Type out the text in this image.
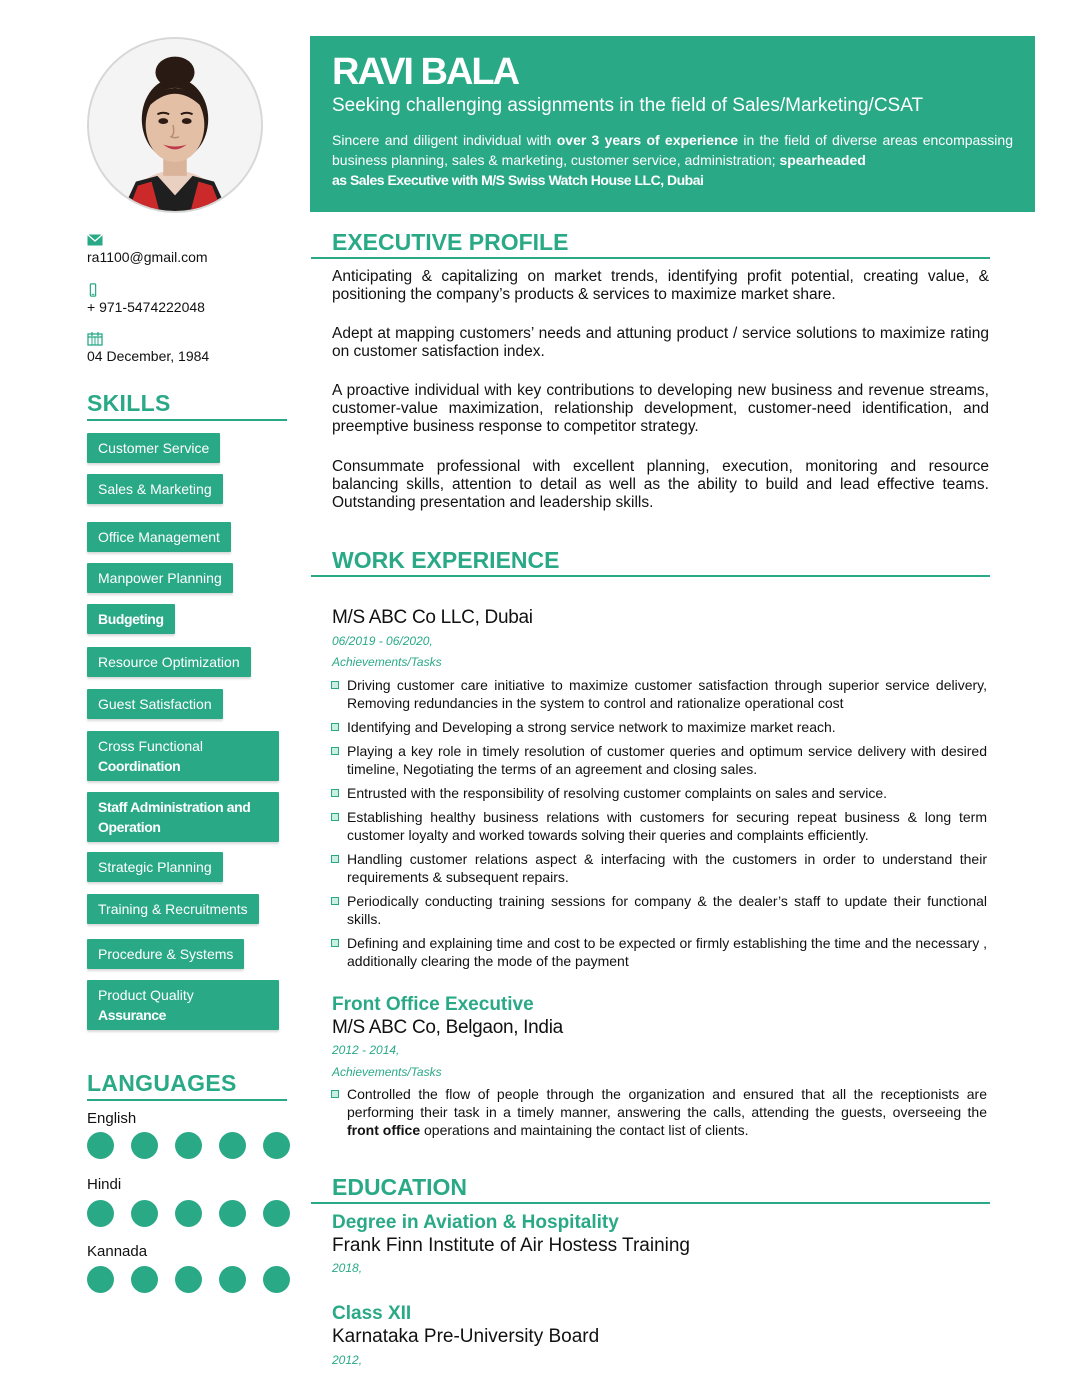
ra1100@gmail.com
+ 971-5474222048
04 December, 1984
SKILLS
Customer Service
Sales & Marketing
Office Management
Manpower Planning
Budgeting
Resource Optimization
Guest Satisfaction
Cross Functional
Coordination
Staff Administration and
Operation
Strategic Planning
Training & Recruitments
Procedure & Systems
Product Quality
Assurance
LANGUAGES
English
Hindi
Kannada
RAVI BALA
Seeking challenging assignments in the field of Sales/Marketing/CSAT
Sincere and diligent individual with over 3 years of experience in the field of diverse areas encompassing business planning, sales & marketing, customer service, administration; spearheaded
as Sales Executive with M/S Swiss Watch House LLC, Dubai
EXECUTIVE PROFILE

Anticipating & capitalizing on market trends, identifying profit potential, creating value, & positioning the company’s products & services to maximize market share.

Adept at mapping customers’ needs and attuning product / service solutions to maximize rating on customer satisfaction index.

A proactive individual with key contributions to developing new business and revenue streams, customer-value maximization, relationship development, customer-need identification, and preemptive business response to competitor strategy.

Consummate professional with excellent planning, execution, monitoring and resource balancing skills, attention to detail as well as the ability to build and lead effective teams. Outstanding presentation and leadership skills.

WORK EXPERIENCE
M/S ABC Co LLC, Dubai
06/2019 - 06/2020,
Achievements/Tasks
Driving customer care initiative to maximize customer satisfaction through superior service delivery, Removing redundancies in the system to control and rationalize operational cost
Identifying and Developing a strong service network to maximize market reach.
Playing a key role in timely resolution of customer queries and optimum service delivery with desired timeline, Negotiating the terms of an agreement and closing sales.
Entrusted with the responsibility of resolving customer complaints on sales and service.
Establishing healthy business relations with customers for securing repeat business & long term customer loyalty and worked towards solving their queries and complaints efficiently.
Handling customer relations aspect & interfacing with the customers in order to understand their requirements & subsequent repairs.
Periodically conducting training sessions for company & the dealer’s staff to update their functional skills.
Defining and explaining time and cost to be expected or firmly establishing the time and the necessary , additionally clearing the mode of the payment
Front Office Executive
M/S ABC Co, Belgaon, India
2012 - 2014,
Achievements/Tasks
Controlled the flow of people through the organization and ensured that all the receptionists are performing their task in a timely manner, answering the calls, attending the guests, overseeing the front office operations and maintaining the contact list of clients.
EDUCATION
Degree in Aviation & Hospitality
Frank Finn Institute of Air Hostess Training
2018,
Class XII
Karnataka Pre-University Board
2012,
